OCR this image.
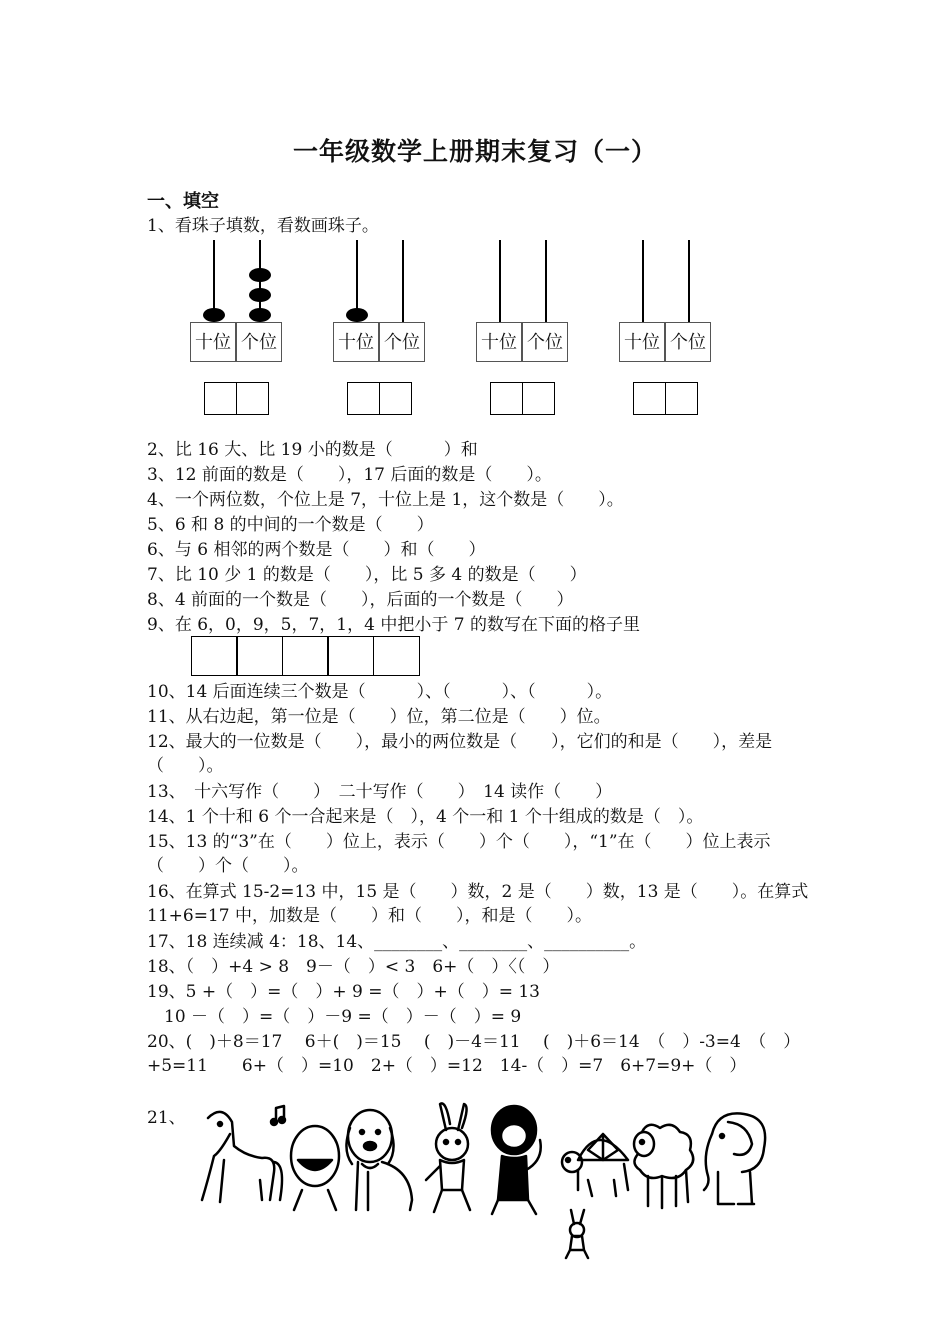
一年级数学上册期末复习（一）
一、填空
1、看珠子填数，看数画珠子。
十位 个位	十位 个位	十位 个位	十位 个位
2、比 16 大、比 19 小的数是（　　　）和
3、12 前面的数是（　　），17 后面的数是（　　）。
4、一个两位数，个位上是 7，十位上是 1，这个数是（　　）。
5、6 和 8 的中间的一个数是（　　）
6、与 6 相邻的两个数是（　　）和（　　）
7、比 10 少 1 的数是（　　），比 5 多 4 的数是（　　）
8、4 前面的一个数是（　　），后面的一个数是（　　）
9、在 6，0，9，5，7，1，4 中把小于 7 的数写在下面的格子里
10、14 后面连续三个数是（　　　）、（　　　）、（　　　）。
11、从右边起，第一位是（　　）位，第二位是（　　）位。
12、最大的一位数是（　　），最小的两位数是（　　），它们的和是（　　），差是（　　）。
13、　十六写作（　　）　二十写作（　　）　14 读作（　　）
14、1 个十和 6 个一合起来是（　），4 个一和 1 个十组成的数是（　）。
15、13 的“3”在（　　）位上，表示（　　）个（　　），“1”在（　　）位上表示（　　）个（　　）。
16、在算式 15-2=13 中，15 是（　　）数，2 是（　　）数，13 是（　　）。在算式 11+6=17 中，加数是（　　）和（　　），和是（　　）。
17、18 连续减 4：18、14、________、________、__________。
18、（　）+4 > 8　9－（　）< 3　6+（　）〈（　）
19、5 +（　）=（　）+ 9 =（　）+（　）= 13
　10 －（　）=（　）－9 =（　）－（　）= 9
20、(　)＋8＝17　 6＋(　)＝15　 (　)－4＝11　 (　)＋6＝14　（　）-3=4　（　）+5=11　　6+（　）=10　2+（　）=12　14-（　）=7　6+7=9+（　）
21、
